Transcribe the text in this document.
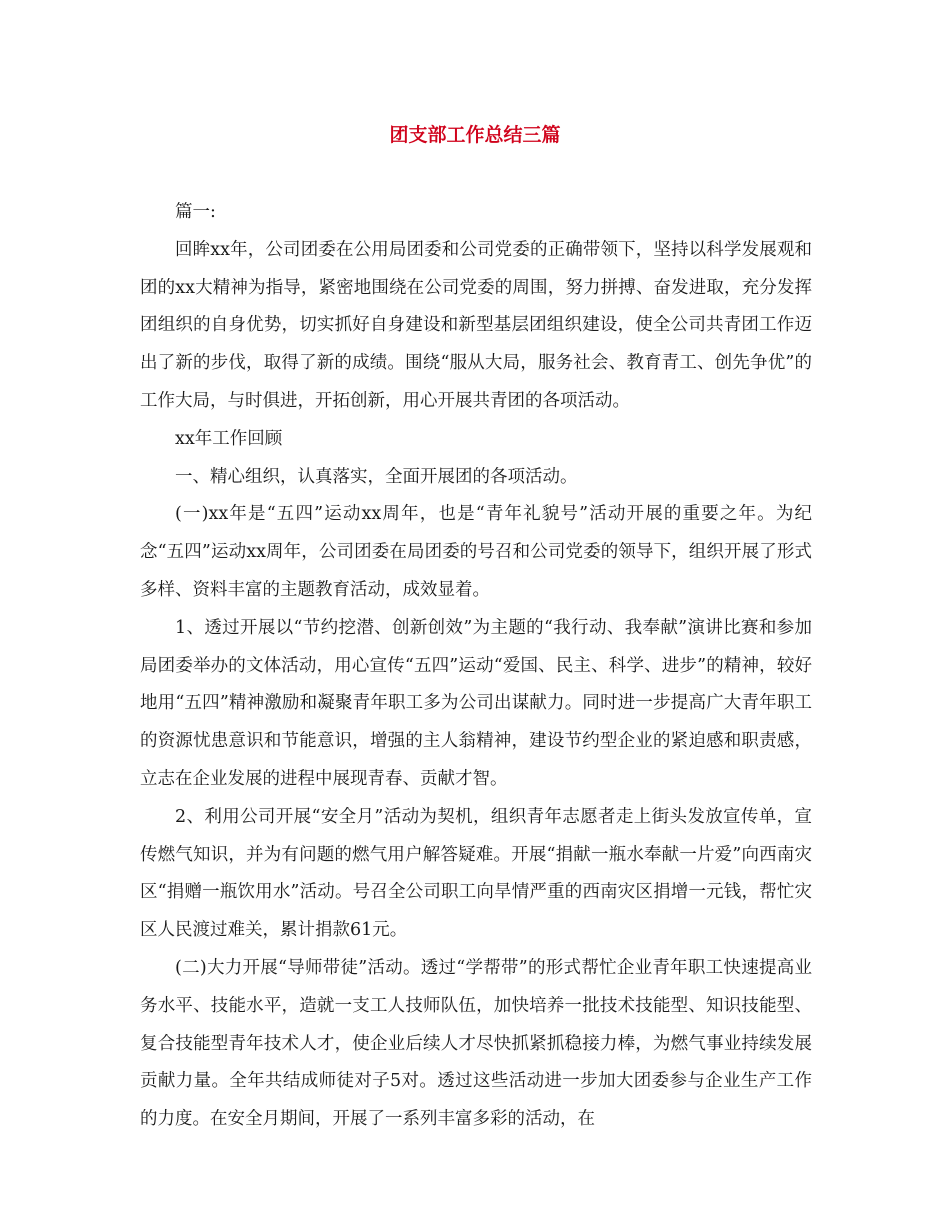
团支部工作总结三篇

篇一:

回眸xx年，公司团委在公用局团委和公司党委的正确带领下，坚持以科学发展观和团的xx大精神为指导，紧密地围绕在公司党委的周围，努力拼搏、奋发进取，充分发挥团组织的自身优势，切实抓好自身建设和新型基层团组织建设，使全公司共青团工作迈出了新的步伐，取得了新的成绩。围绕“服从大局，服务社会、教育青工、创先争优”的工作大局，与时俱进，开拓创新，用心开展共青团的各项活动。

xx年工作回顾

一、精心组织，认真落实，全面开展团的各项活动。

(一)xx年是“五四”运动xx周年，也是“青年礼貌号”活动开展的重要之年。为纪念“五四”运动xx周年，公司团委在局团委的号召和公司党委的领导下，组织开展了形式多样、资料丰富的主题教育活动，成效显着。

1、透过开展以“节约挖潜、创新创效”为主题的“我行动、我奉献”演讲比赛和参加局团委举办的文体活动，用心宣传“五四”运动“爱国、民主、科学、进步”的精神，较好地用“五四”精神激励和凝聚青年职工多为公司出谋献力。同时进一步提高广大青年职工的资源忧患意识和节能意识，增强的主人翁精神，建设节约型企业的紧迫感和职责感，立志在企业发展的进程中展现青春、贡献才智。

2、利用公司开展“安全月”活动为契机，组织青年志愿者走上街头发放宣传单，宣传燃气知识，并为有问题的燃气用户解答疑难。开展“捐献一瓶水奉献一片爱”向西南灾区“捐赠一瓶饮用水”活动。号召全公司职工向旱情严重的西南灾区捐增一元钱，帮忙灾区人民渡过难关，累计捐款61元。

(二)大力开展“导师带徒”活动。透过“学帮带”的形式帮忙企业青年职工快速提高业务水平、技能水平，造就一支工人技师队伍，加快培养一批技术技能型、知识技能型、复合技能型青年技术人才，使企业后续人才尽快抓紧抓稳接力棒，为燃气事业持续发展贡献力量。全年共结成师徒对子5对。透过这些活动进一步加大团委参与企业生产工作的力度。在安全月期间，开展了一系列丰富多彩的活动，在
